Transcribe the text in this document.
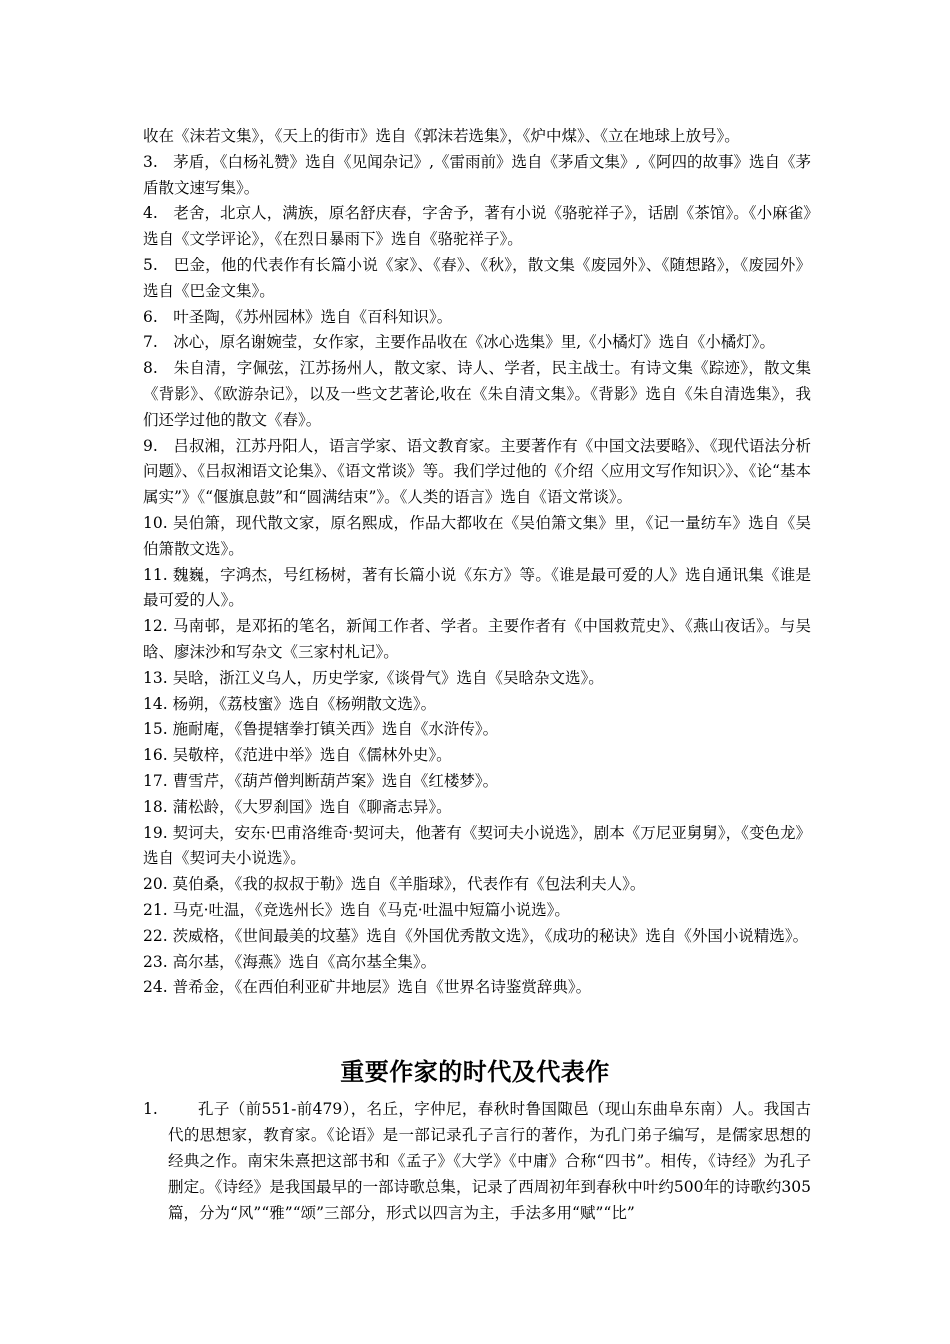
收在《沫若文集》，《天上的街市》选自《郭沫若选集》，《炉中煤》、《立在地球上放号》。

3.　茅盾，《白杨礼赞》选自《见闻杂记》,《雷雨前》选自《茅盾文集》,《阿四的故事》选自《茅盾散文速写集》。

4.　老舍，北京人，满族，原名舒庆春，字舍予，著有小说《骆驼祥子》，话剧《茶馆》。《小麻雀》选自《文学评论》，《在烈日暴雨下》选自《骆驼祥子》。

5.　巴金，他的代表作有长篇小说《家》、《春》、《秋》，散文集《废园外》、《随想路》，《废园外》选自《巴金文集》。

6.　叶圣陶，《苏州园林》选自《百科知识》。

7.　冰心，原名谢婉莹，女作家，主要作品收在《冰心选集》里,《小橘灯》选自《小橘灯》。

8.　朱自清，字佩弦，江苏扬州人，散文家、诗人、学者，民主战士。有诗文集《踪迹》，散文集《背影》、《欧游杂记》，以及一些文艺著论,收在《朱自清文集》。《背影》选自《朱自清选集》，我们还学过他的散文《春》。

9.　吕叔湘，江苏丹阳人，语言学家、语文教育家。主要著作有《中国文法要略》、《现代语法分析问题》、《吕叔湘语文论集》、《语文常谈》等。我们学过他的《介绍〈应用文写作知识〉》、《论“基本属实”》《“偃旗息鼓”和“圆满结束”》。《人类的语言》选自《语文常谈》。

10. 吴伯箫，现代散文家，原名熙成，作品大都收在《吴伯箫文集》里，《记一量纺车》选自《吴伯箫散文选》。

11. 魏巍，字鸿杰，号红杨树，著有长篇小说《东方》等。《谁是最可爱的人》选自通讯集《谁是最可爱的人》。

12. 马南邨，是邓拓的笔名，新闻工作者、学者。主要作者有《中国救荒史》、《燕山夜话》。与吴晗、廖沫沙和写杂文《三家村札记》。

13. 吴晗，浙江义乌人，历史学家,《谈骨气》选自《吴晗杂文选》。

14. 杨朔，《荔枝蜜》选自《杨朔散文选》。

15. 施耐庵，《鲁提辖拳打镇关西》选自《水浒传》。

16. 吴敬梓，《范进中举》选自《儒林外史》。

17. 曹雪芹，《葫芦僧判断葫芦案》选自《红楼梦》。

18. 蒲松龄，《大罗刹国》选自《聊斋志异》。

19. 契诃夫，安东·巴甫洛维奇·契诃夫，他著有《契诃夫小说选》，剧本《万尼亚舅舅》，《变色龙》选自《契诃夫小说选》。

20. 莫伯桑，《我的叔叔于勒》选自《羊脂球》，代表作有《包法利夫人》。

21. 马克·吐温，《竞选州长》选自《马克·吐温中短篇小说选》。

22. 茨威格，《世间最美的坟墓》选自《外国优秀散文选》，《成功的秘诀》选自《外国小说精选》。

23. 高尔基，《海燕》选自《高尔基全集》。

24. 普希金，《在西伯利亚矿井地层》选自《世界名诗鉴赏辞典》。

重要作家的时代及代表作
1.	孔子（前551-前479），名丘，字仲尼，春秋时鲁国陬邑（现山东曲阜东南）人。我国古代的思想家，教育家。《论语》是一部记录孔子言行的著作，为孔门弟子编写，是儒家思想的经典之作。南宋朱熹把这部书和《孟子》《大学》《中庸》合称“四书”。相传，《诗经》为孔子删定。《诗经》是我国最早的一部诗歌总集，记录了西周初年到春秋中叶约500年的诗歌约305篇，分为“风”“雅”“颂”三部分，形式以四言为主，手法多用“赋”“比”
